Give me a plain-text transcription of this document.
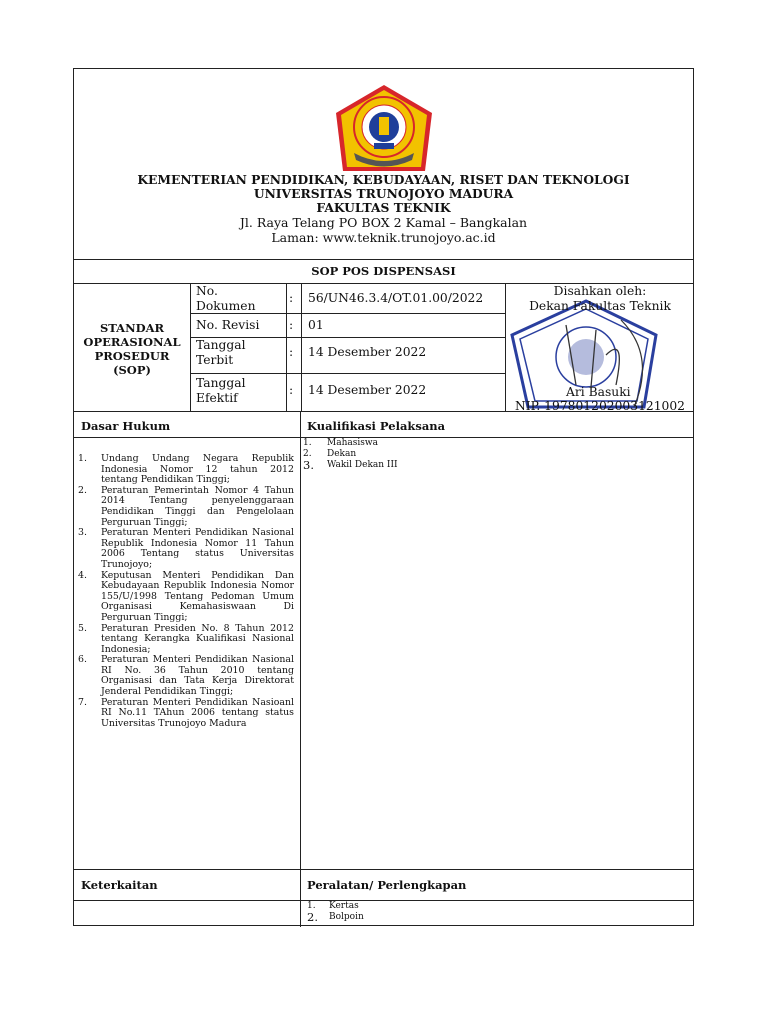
KEMENTERIAN PENDIDIKAN, KEBUDAYAAN, RISET DAN TEKNOLOGI
UNIVERSITAS TRUNOJOYO MADURA
FAKULTAS TEKNIK
Jl. Raya Telang PO BOX 2 Kamal – Bangkalan
Laman: www.teknik.trunojoyo.ac.id
SOP POS DISPENSASI
STANDAR
OPERASIONAL
PROSEDUR
(SOP)
No.
Dokumen
: 56/UN46.3.4/OT.01.00/2022
No. Revisi : 01
Tanggal
Terbit
: 14 Desember 2022
Tanggal
Efektif
: 14 Desember 2022
Disahkan oleh:
Dekan Fakultas Teknik
Ari Basuki
NIP. 197801202003121002
Dasar Hukum	Kualifikasi Pelaksana
Keterkaitan	Peralatan/ Perlengkapan
1. Undang Undang Negara Republik Indonesia Nomor 12 tahun 2012 tentang Pendidikan Tinggi;
2. Peraturan Pemerintah Nomor 4 Tahun 2014 Tentang penyelenggaraan Pendidikan Tinggi dan Pengelolaan Perguruan Tinggi;
3. Peraturan Menteri Pendidikan Nasional Republik Indonesia Nomor 11 Tahun 2006 Tentang status Universitas Trunojoyo;
4. Keputusan Menteri Pendidikan Dan Kebudayaan Republik Indonesia Nomor 155/U/1998 Tentang Pedoman Umum Organisasi Kemahasiswaan Di Perguruan Tinggi;
5. Peraturan Presiden No. 8 Tahun 2012 tentang Kerangka Kualifikasi Nasional Indonesia;
6. Peraturan Menteri Pendidikan Nasional RI No. 36 Tahun 2010 tentang Organisasi dan Tata Kerja Direktorat Jenderal Pendidikan Tinggi;
7. Peraturan Menteri Pendidikan Nasioanl RI No.11 TAhun 2006 tentang status Universitas Trunojoyo Madura
1. Mahasiswa
2. Dekan
3. Wakil Dekan III
1. Kertas
2. Bolpoin
